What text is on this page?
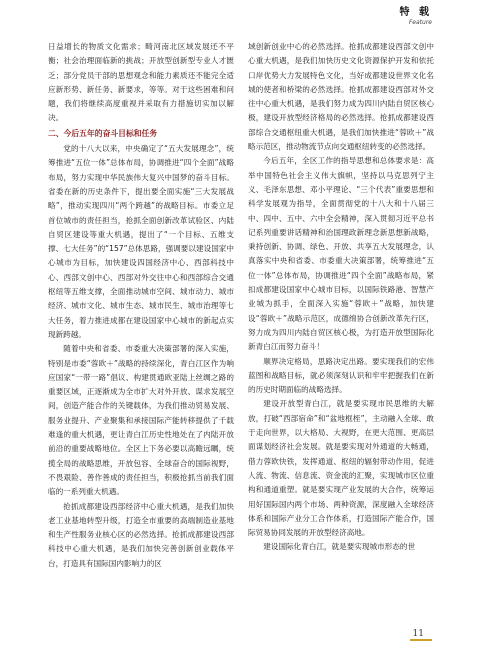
特 载
Feature

日益增长的物质文化需求；畸河南北区域发展还不平衡；社会治理面临新的挑战；开放型创新型专业人才匮乏；部分党员干部的思想观念和能力素质还不能完全适应新形势、新任务、新要求，等等。对于这些困难和问题，我们将继续高度重视并采取有力措施切实加以解决。

二、今后五年的奋斗目标和任务

党的十八大以来，中央确定了“五大发展理念”，统筹推进“五位一体”总体布局，协调推进“四个全面”战略布局，努力实现中华民族伟大复兴中国梦的奋斗目标。省委在新的历史条件下，提出要全面实施“三大发展战略”，推动实现四川“两个跨越”的战略目标。市委立足首位城市的责任担当，抢抓全面创新改革试验区、内陆自贸区建设等重大机遇，提出了“一个目标、五维支撑、七大任务”的“157”总体思路，强调要以建设国家中心城市为目标，加快建设四国经济中心、西部科技中心、西部文创中心、西部对外交往中心和西部综合交通枢纽等五维支撑，全面推动城市空间、城市动力、城市经济、城市文化、城市生态、城市民生、城市治理等七大任务，着力推进成都在建设国家中心城市的新起点实现新跨越。

随着中央和省委、市委重大决策部署的深入实施，特别是市委“蓉欧＋”战略的持续深化，青白江区作为响应国家“一带一路”倡议、构建贯通欧亚陆上丝绸之路的重要区域，正逐渐成为全市扩大对外开放、谋求发展空间，创造产能合作的关键载体，为我们推动贸易发展、服务业提升、产业聚集和承接国际产能转移提供了千载难逢的重大机遇，更让青白江历史性地处在了内陆开放前沿的重要战略地位。全区上下务必要以高瞻远瞩，统揽全局的战略思维，开放包容、全球奋合的国际视野，不畏艰险、善作善成的责任担当，积极抢抓当前我们面临的一系列重大机遇。

抢抓成都建设西部经济中心重大机遇，是我们加快老工业基地转型升级，打造全市重要的高端制造业基地和生产性服务业核心区的必然选择。抢抓成都建设西部科技中心重大机遇，是我们加快完善创新创业载体平台，打造具有国际国内影响力的区

域创新创业中心的必然选择。抢抓成都建设西部文创中心重大机遇，是我们加快历史文化资源保护开发和依托口岸优势大力发展特色文化，当好成都建设世界文化名城的使者和桥梁的必然选择。抢抓成都建设西部对外交往中心重大机遇，是我们努力成为四川内陆自贸区核心极，建设开放型经济格局的必然选择。抢抓成都建设西部综合交通枢纽重大机遇，是我们加快推进“蓉欧＋”战略示范区，推动物流节点向交通枢纽转变的必然选择。

今后五年，全区工作的指导思想和总体要求是：高举中国特色社会主义伟大旗帜，坚持以马克思列宁主义、毛泽东思想、邓小平理论、“三个代表”重要思想和科学发展观为指导，全面贯彻党的十八大和十八届三中、四中、五中、六中全会精神，深入贯彻习近平总书记系列重要讲话精神和治国理政新理念新思想新战略，秉持创新、协调、绿色、开放、共享五大发展理念，认真落实中央和省委、市委重大决策部署，统筹推进“五位一体”总体布局，协调推进“四个全面”战略布局，紧扣成都建设国家中心城市目标，以国际铁路港、智慧产业城为抓手，全面深入实施“蓉欧＋”战略，加快建设“蓉欧＋”战略示范区，成德绵协合创新改革先行区，努力成为四川内陆自贸区核心极，为打造开放型国际化新青白江而努力奋斗！

顺界决定格局，思路决定出路。要实现我们的宏伟蓝图和战略目标，就必须深刻认识和牢牢把握我们在新的历史时期面临的战略选择。

建设开放型青白江，就是要实现市民思维的大解放，打破“西部宿命”和“盆地框桎”，主动融入全球、敢于走向世界，以大格局、大视野，在更大范围、更高层面谋划经济社会发展。就是要实现对外通道的大畅通，借力蓉欧快铁，发挥通道、枢纽的辐射带动作用，促进人流、物流、信息流、资金流的汇聚，实现城市区位重构和通道重塑。就是要实现产业发展的大合作，统筹运用好国际国内两个市场、两种资源，深度融入全球经济体系和国际产业分工合作体系，打造国际产能合作，国际贸易协同发展的开放型经济高地。

建设国际化青白江，就是要实现城市形态的世

11
